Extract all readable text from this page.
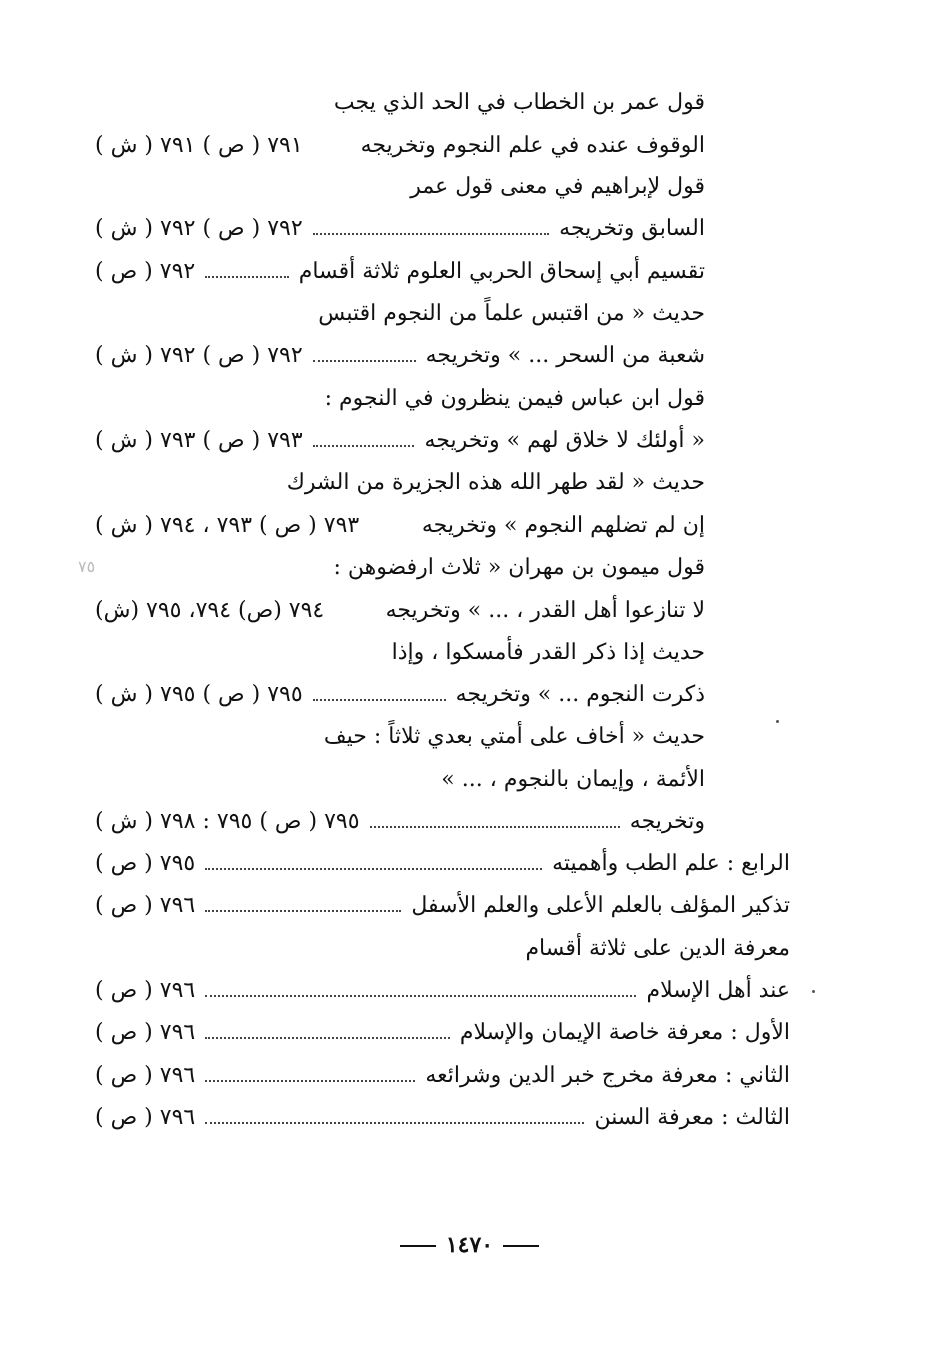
قول عمر بن الخطاب في الحد الذي يجب
الوقوف عنده في علم النجوم وتخريجه
٧٩١ ( ص ) ٧٩١ ( ش )
قول لإبراهيم في معنى قول عمر
السابق وتخريجه
٧٩٢ ( ص ) ٧٩٢ ( ش )
تقسيم أبي إسحاق الحربي العلوم ثلاثة أقسام
٧٩٢ ( ص )
حديث « من اقتبس علماً من النجوم اقتبس
شعبة من السحر ... » وتخريجه
٧٩٢ ( ص ) ٧٩٢ ( ش )
قول ابن عباس فيمن ينظرون في النجوم :
« أولئك لا خلاق لهم » وتخريجه
٧٩٣ ( ص ) ٧٩٣ ( ش )
حديث « لقد طهر الله هذه الجزيرة من الشرك
إن لم تضلهم النجوم » وتخريجه
٧٩٣ ( ص ) ٧٩٣ ، ٧٩٤ ( ش )
قول ميمون بن مهران « ثلاث ارفضوهن :
لا تنازعوا أهل القدر ، ... » وتخريجه
٧٩٤ (ص) ٧٩٤، ٧٩٥ (ش)
حديث إذا ذكر القدر فأمسكوا ، وإذا
ذكرت النجوم ... » وتخريجه
٧٩٥ ( ص ) ٧٩٥ ( ش )
حديث « أخاف على أمتي بعدي ثلاثاً : حيف
الأئمة ، وإيمان بالنجوم ، ... »
وتخريجه
٧٩٥ ( ص ) ٧٩٥ : ٧٩٨ ( ش )
الرابع : علم الطب وأهميته
٧٩٥ ( ص )
تذكير المؤلف بالعلم الأعلى والعلم الأسفل
٧٩٦ ( ص )
معرفة الدين على ثلاثة أقسام
عند أهل الإسلام
٧٩٦ ( ص )
الأول : معرفة خاصة الإيمان والإسلام
٧٩٦ ( ص )
الثاني : معرفة مخرج خبر الدين وشرائعه
٧٩٦ ( ص )
الثالث : معرفة السنن
٧٩٦ ( ص )
٧٥
١٤٧٠
